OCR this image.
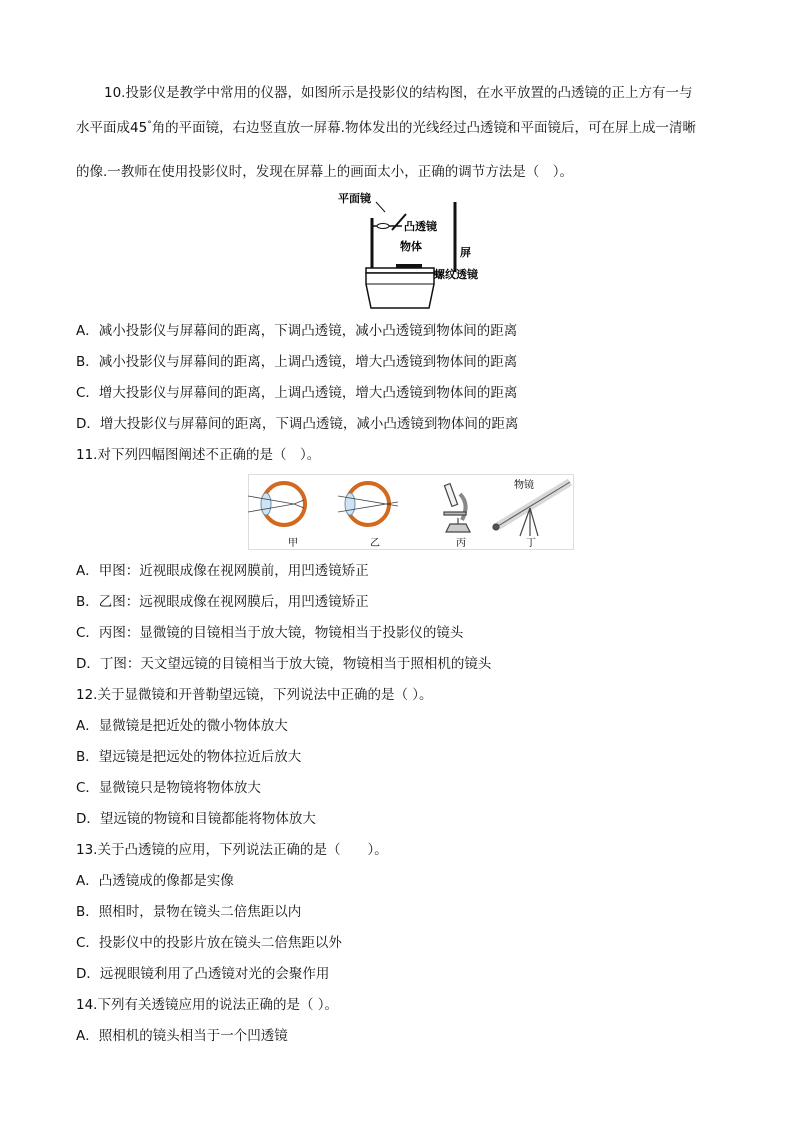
10.投影仪是教学中常用的仪器，如图所示是投影仪的结构图，在水平放置的凸透镜的正上方有一与
水平面成45°角的平面镜，右边竖直放一屏幕.物体发出的光线经过凸透镜和平面镜后，可在屏上成一清晰
的像.一教师在使用投影仪时，发现在屏幕上的画面太小，正确的调节方法是（　）。
平面镜
凸透镜
物体	屏
螺纹透镜
A．减小投影仪与屏幕间的距离，下调凸透镜，减小凸透镜到物体间的距离
B．减小投影仪与屏幕间的距离，上调凸透镜，增大凸透镜到物体间的距离
C．增大投影仪与屏幕间的距离，上调凸透镜，增大凸透镜到物体间的距离
D．增大投影仪与屏幕间的距离，下调凸透镜，减小凸透镜到物体间的距离
11.对下列四幅图阐述不正确的是（　）。
物镜
甲	乙	丙	丁
A．甲图：近视眼成像在视网膜前，用凹透镜矫正
B．乙图：远视眼成像在视网膜后，用凹透镜矫正
C．丙图：显微镜的目镜相当于放大镜，物镜相当于投影仪的镜头
D．丁图：天文望远镜的目镜相当于放大镜，物镜相当于照相机的镜头
12.关于显微镜和开普勒望远镜，下列说法中正确的是（ ）。
A．显微镜是把近处的微小物体放大
B．望远镜是把远处的物体拉近后放大
C．显微镜只是物镜将物体放大
D．望远镜的物镜和目镜都能将物体放大
13.关于凸透镜的应用，下列说法正确的是（　　）。
A．凸透镜成的像都是实像
B．照相时，景物在镜头二倍焦距以内
C．投影仪中的投影片放在镜头二倍焦距以外
D．远视眼镜利用了凸透镜对光的会聚作用
14.下列有关透镜应用的说法正确的是（ ）。
A．照相机的镜头相当于一个凹透镜
